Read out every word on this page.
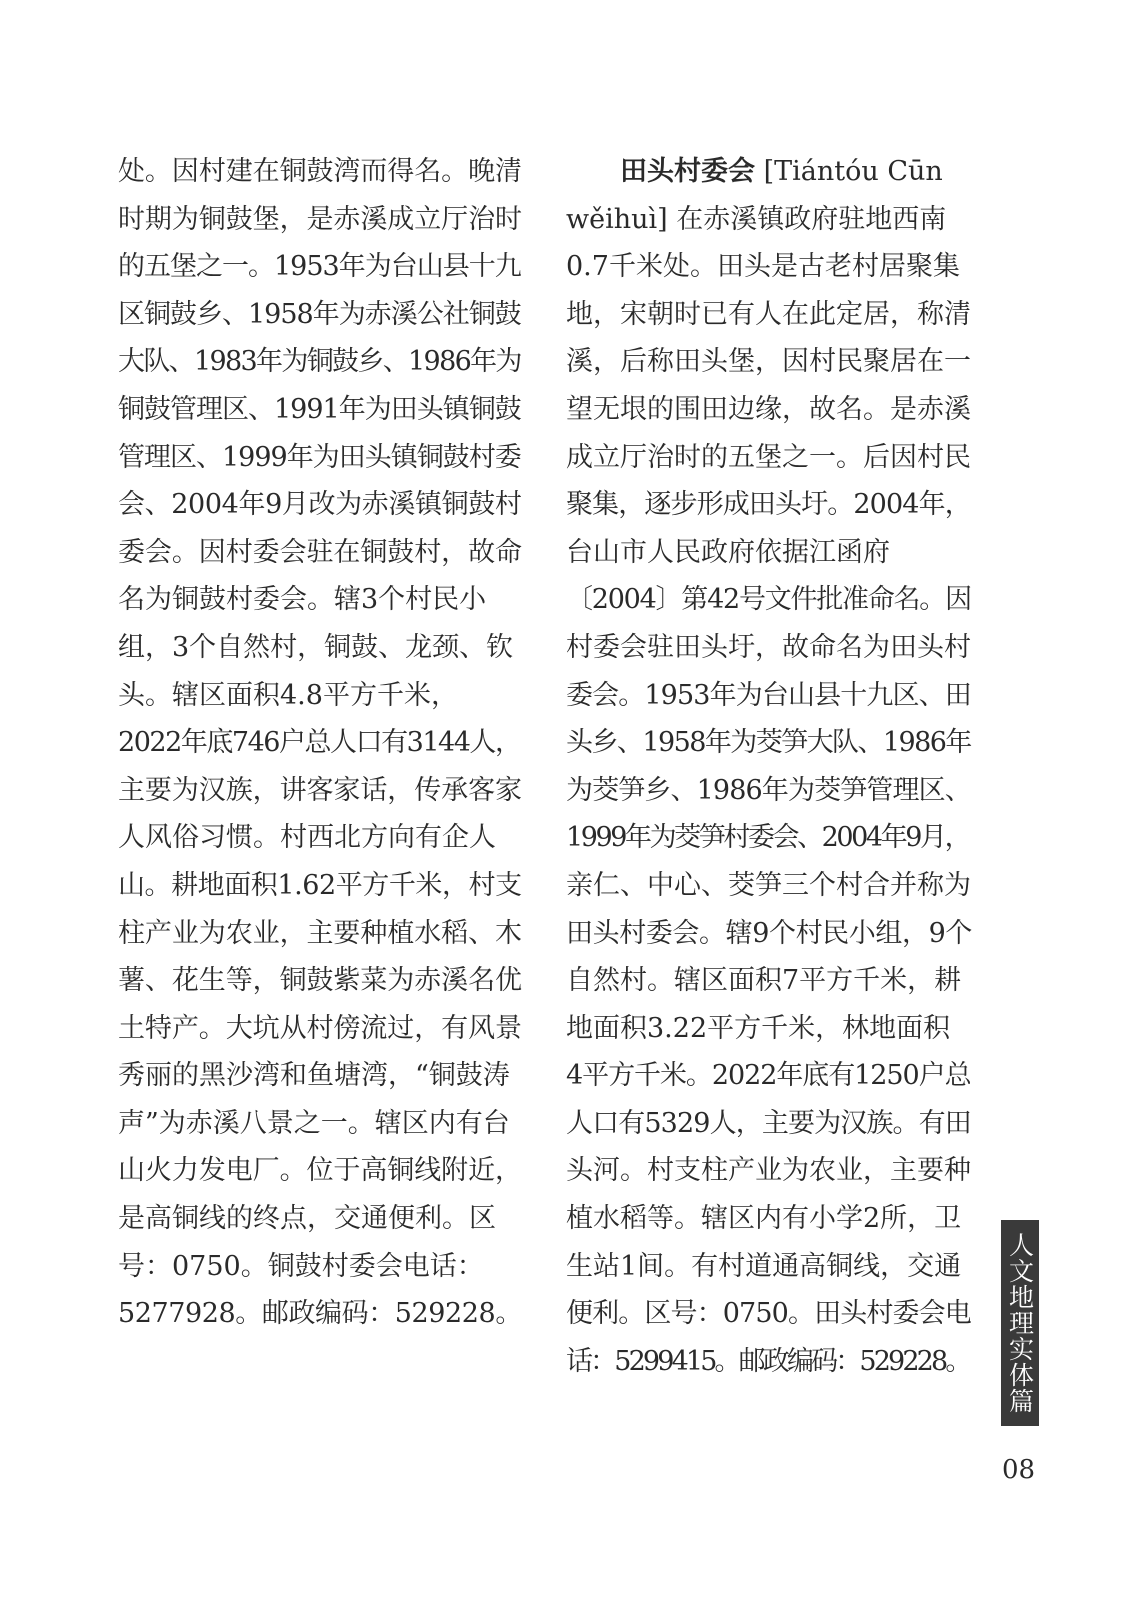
处。因村建在铜鼓湾而得名。晚清
时期为铜鼓堡，是赤溪成立厅治时
的五堡之一。1953年为台山县十九
区铜鼓乡、1958年为赤溪公社铜鼓
大队、1983年为铜鼓乡、1986年为
铜鼓管理区、1991年为田头镇铜鼓
管理区、1999年为田头镇铜鼓村委
会、2004年9月改为赤溪镇铜鼓村
委会。因村委会驻在铜鼓村，故命
名为铜鼓村委会。辖3个村民小
组，3个自然村，铜鼓、龙颈、钦
头。辖区面积4.8平方千米，
2022年底746户总人口有3144人，
主要为汉族，讲客家话，传承客家
人风俗习惯。村西北方向有企人
山。耕地面积1.62平方千米，村支
柱产业为农业，主要种植水稻、木
薯、花生等，铜鼓紫菜为赤溪名优
土特产。大坑从村傍流过，有风景
秀丽的黑沙湾和鱼塘湾，“铜鼓涛
声”为赤溪八景之一。辖区内有台
山火力发电厂。位于高铜线附近，
是高铜线的终点，交通便利。区
号：0750。铜鼓村委会电话：
5277928。邮政编码：529228。
　　田头村委会 [Tiántóu Cūn
wěihuì] 在赤溪镇政府驻地西南
0.7千米处。田头是古老村居聚集
地，宋朝时已有人在此定居，称清
溪，后称田头堡，因村民聚居在一
望无垠的围田边缘，故名。是赤溪
成立厅治时的五堡之一。后因村民
聚集，逐步形成田头圩。2004年，
台山市人民政府依据江函府
〔2004〕第42号文件批准命名。因
村委会驻田头圩，故命名为田头村
委会。1953年为台山县十九区、田
头乡、1958年为茭笋大队、1986年
为茭笋乡、1986年为茭笋管理区、
1999年为茭笋村委会、2004年9月，
亲仁、中心、茭笋三个村合并称为
田头村委会。辖9个村民小组，9个
自然村。辖区面积7平方千米，耕
地面积3.22平方千米，林地面积
4平方千米。2022年底有1250户总
人口有5329人，主要为汉族。有田
头河。村支柱产业为农业，主要种
植水稻等。辖区内有小学2所，卫
生站1间。有村道通高铜线，交通
便利。区号：0750。田头村委会电
话：5299415。邮政编码：529228。 人文地理实体篇
08
